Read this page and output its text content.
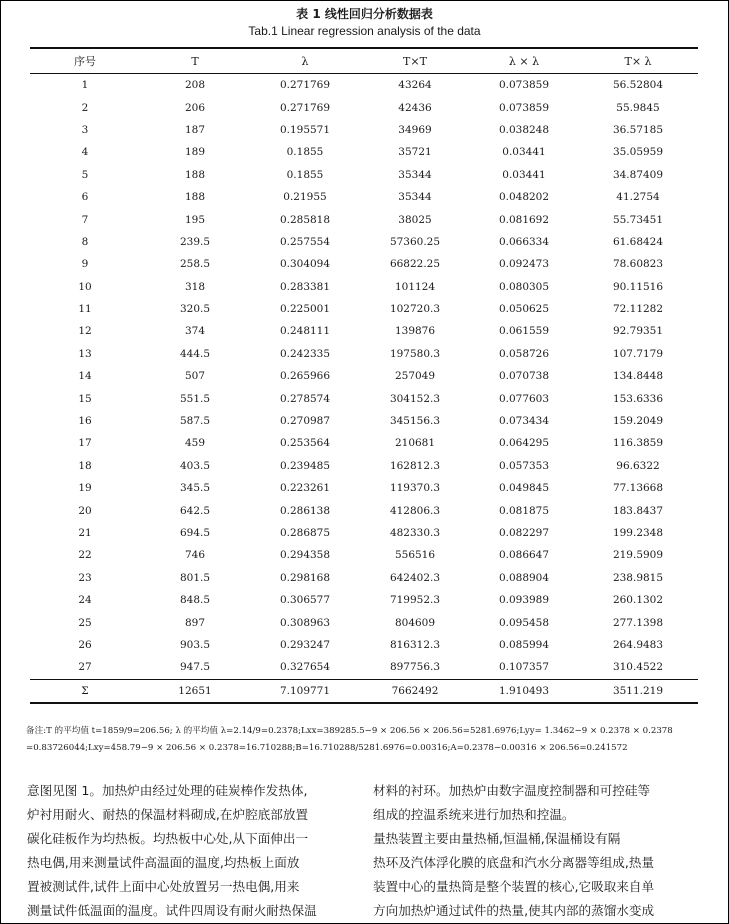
表 1 线性回归分析数据表
Tab.1 Linear regression analysis of the data
序号	T	λ	T×T	λ × λ	T× λ
1	208	0.271769	43264	0.073859	56.52804
2	206	0.271769	42436	0.073859	55.9845
3	187	0.195571	34969	0.038248	36.57185
4	189	0.1855	35721	0.03441	35.05959
5	188	0.1855	35344	0.03441	34.87409
6	188	0.21955	35344	0.048202	41.2754
7	195	0.285818	38025	0.081692	55.73451
8	239.5	0.257554	57360.25	0.066334	61.68424
9	258.5	0.304094	66822.25	0.092473	78.60823
10	318	0.283381	101124	0.080305	90.11516
11	320.5	0.225001	102720.3	0.050625	72.11282
12	374	0.248111	139876	0.061559	92.79351
13	444.5	0.242335	197580.3	0.058726	107.7179
14	507	0.265966	257049	0.070738	134.8448
15	551.5	0.278574	304152.3	0.077603	153.6336
16	587.5	0.270987	345156.3	0.073434	159.2049
17	459	0.253564	210681	0.064295	116.3859
18	403.5	0.239485	162812.3	0.057353	96.6322
19	345.5	0.223261	119370.3	0.049845	77.13668
20	642.5	0.286138	412806.3	0.081875	183.8437
21	694.5	0.286875	482330.3	0.082297	199.2348
22	746	0.294358	556516	0.086647	219.5909
23	801.5	0.298168	642402.3	0.088904	238.9815
24	848.5	0.306577	719952.3	0.093989	260.1302
25	897	0.308963	804609	0.095458	277.1398
26	903.5	0.293247	816312.3	0.085994	264.9483
27	947.5	0.327654	897756.3	0.107357	310.4522
Σ	12651	7.109771	7662492	1.910493	3511.219
备注:T 的平均值 t=1859/9=206.56; λ 的平均值 λ=2.14/9=0.2378;Lxx=389285.5−9 × 206.56 × 206.56=5281.6976;Lyy= 1.3462−9 × 0.2378 × 0.2378
=0.83726044;Lxy=458.79−9 × 206.56 × 0.2378=16.710288;B=16.710288/5281.6976=0.00316;A=0.2378−0.00316 × 206.56=0.241572
意图见图 1。加热炉由经过处理的硅炭棒作发热体,
炉衬用耐火、耐热的保温材料砌成,在炉腔底部放置
碳化硅板作为均热板。均热板中心处,从下面伸出一
热电偶,用来测量试件高温面的温度,均热板上面放
置被测试件,试件上面中心处放置另一热电偶,用来
测量试件低温面的温度。试件四周设有耐火耐热保温
材料的衬环。加热炉由数字温度控制器和可控硅等
组成的控温系统来进行加热和控温。
量热装置主要由量热桶,恒温桶,保温桶设有隔
热环及汽体浮化膜的底盘和汽水分离器等组成,热量
装置中心的量热筒是整个装置的核心,它吸取来自单
方向加热炉通过试件的热量,使其内部的蒸馏水变成
